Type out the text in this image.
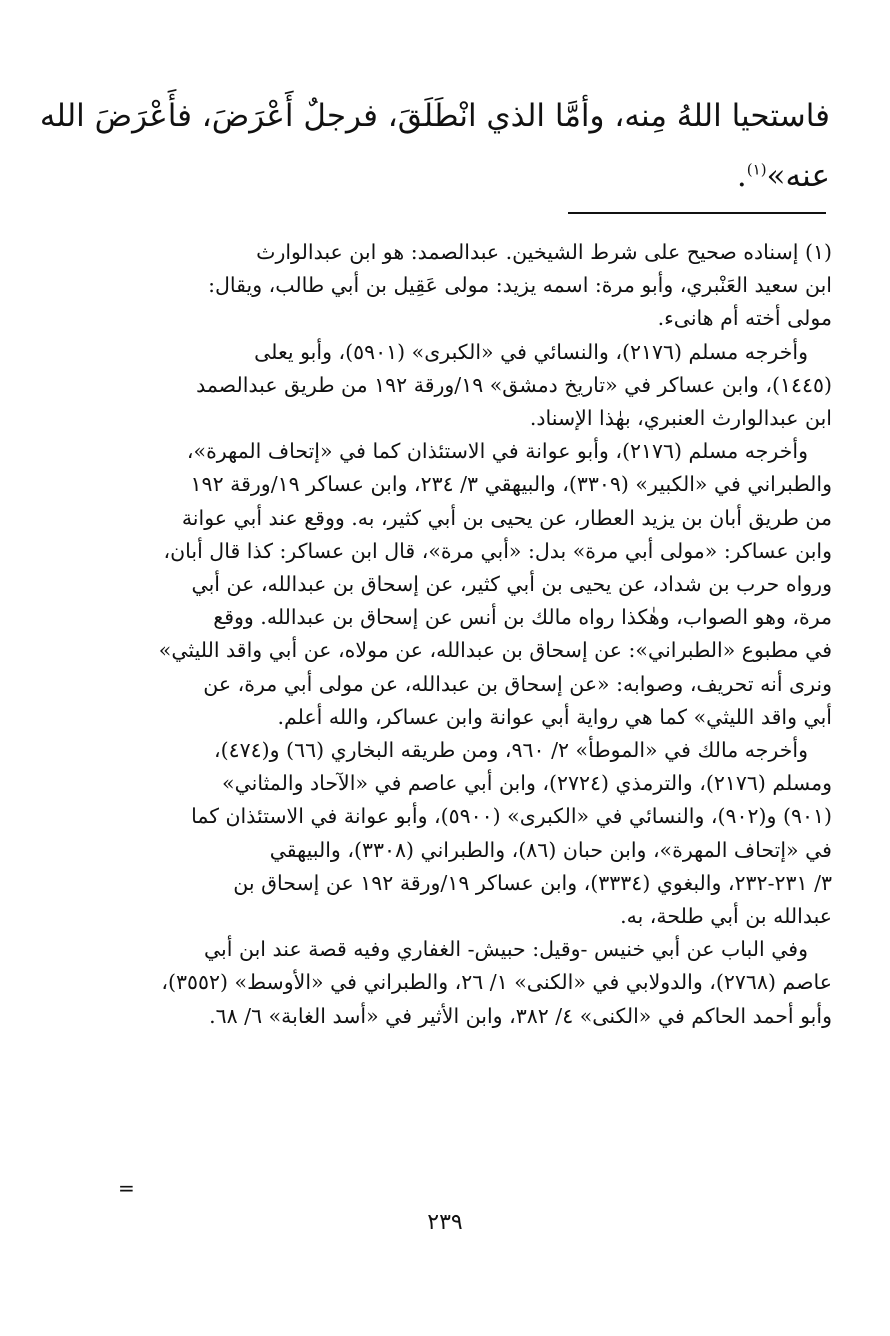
فاستحيا اللهُ مِنه، وأمَّا الذي انْطَلَقَ، فرجلٌ أَعْرَضَ، فأَعْرَضَ الله
عنه»$^{(١)}$.
(١) إسناده صحيح على شرط الشيخين. عبدالصمد: هو ابن عبدالوارث
ابن سعيد العَنْبري، وأبو مرة: اسمه يزيد: مولى عَقِيل بن أبي طالب، ويقال:
مولى أخته أم هانىء.
وأخرجه مسلم (٢١٧٦)، والنسائي في «الكبرى» (٥٩٠١)، وأبو يعلى
(١٤٤٥)، وابن عساكر في «تاريخ دمشق» ١٩/ورقة ١٩٢ من طريق عبدالصمد
ابن عبدالوارث العنبري، بهٰذا الإسناد.
وأخرجه مسلم (٢١٧٦)، وأبو عوانة في الاستئذان كما في «إتحاف المهرة»،
والطبراني في «الكبير» (٣٣٠٩)، والبيهقي ٣/ ٢٣٤، وابن عساكر ١٩/ورقة ١٩٢
من طريق أبان بن يزيد العطار، عن يحيى بن أبي كثير، به. ووقع عند أبي عوانة
وابن عساكر: «مولى أبي مرة» بدل: «أبي مرة»، قال ابن عساكر: كذا قال أبان،
ورواه حرب بن شداد، عن يحيى بن أبي كثير، عن إسحاق بن عبدالله، عن أبي
مرة، وهو الصواب، وهٰكذا رواه مالك بن أنس عن إسحاق بن عبدالله. ووقع
في مطبوع «الطبراني»: عن إسحاق بن عبدالله، عن مولاه، عن أبي واقد الليثي»
ونرى أنه تحريف، وصوابه: «عن إسحاق بن عبدالله، عن مولى أبي مرة، عن
أبي واقد الليثي» كما هي رواية أبي عوانة وابن عساكر، والله أعلم.
وأخرجه مالك في «الموطأ» ٢/ ٩٦٠، ومن طريقه البخاري (٦٦) و(٤٧٤)،
ومسلم (٢١٧٦)، والترمذي (٢٧٢٤)، وابن أبي عاصم في «الآحاد والمثاني»
(٩٠١) و(٩٠٢)، والنسائي في «الكبرى» (٥٩٠٠)، وأبو عوانة في الاستئذان كما
في «إتحاف المهرة»، وابن حبان (٨٦)، والطبراني (٣٣٠٨)، والبيهقي
٣/ ٢٣١-٢٣٢، والبغوي (٣٣٣٤)، وابن عساكر ١٩/ورقة ١٩٢ عن إسحاق بن
عبدالله بن أبي طلحة، به.
وفي الباب عن أبي خنيس -وقيل: حبيش- الغفاري وفيه قصة عند ابن أبي
عاصم (٢٧٦٨)، والدولابي في «الكنى» ١/ ٢٦، والطبراني في «الأوسط» (٣٥٥٢)،
وأبو أحمد الحاكم في «الكنى» ٤/ ٣٨٢، وابن الأثير في «أسد الغابة» ٦/ ٦٨.
=
٢٣٩
